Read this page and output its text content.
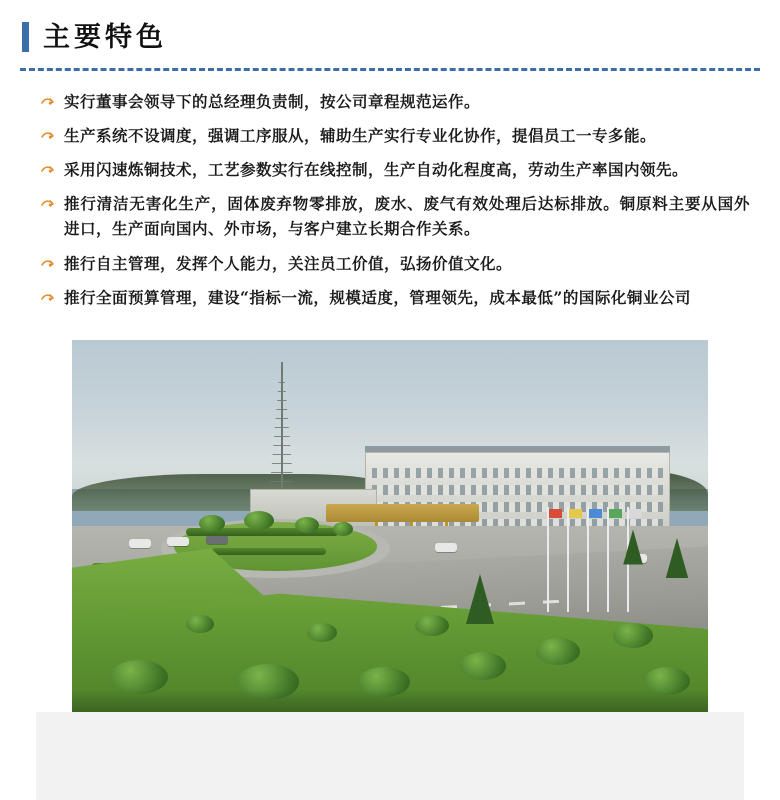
主要特色
实行董事会领导下的总经理负责制，按公司章程规范运作。
生产系统不设调度，强调工序服从，辅助生产实行专业化协作，提倡员工一专多能。
采用闪速炼铜技术，工艺参数实行在线控制，生产自动化程度高，劳动生产率国内领先。
推行清洁无害化生产，固体废弃物零排放，废水、废气有效处理后达标排放。铜原料主要从国外进口，生产面向国内、外市场，与客户建立长期合作关系。
推行自主管理，发挥个人能力，关注员工价值，弘扬价值文化。
推行全面预算管理，建设“指标一流，规模适度，管理领先，成本最低”的国际化铜业公司
